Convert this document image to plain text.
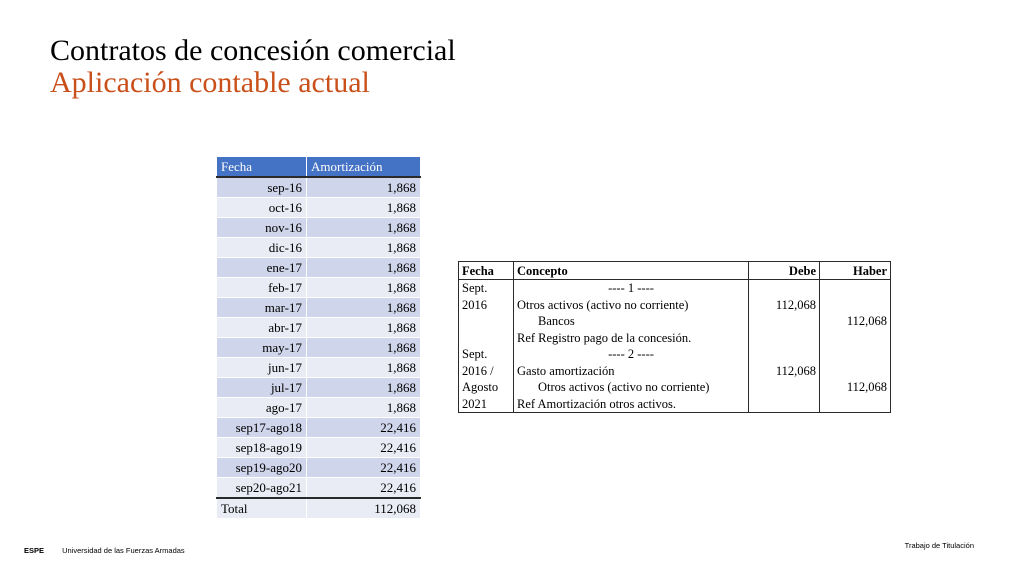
Contratos de concesión comercial
Aplicación contable actual
Fecha	Amortización
sep-16	1,868
oct-16	1,868
nov-16	1,868
dic-16	1,868
ene-17	1,868
feb-17	1,868
mar-17	1,868
abr-17	1,868
may-17	1,868
jun-17	1,868
jul-17	1,868
ago-17	1,868
sep17-ago18	22,416
sep18-ago19	22,416
sep19-ago20	22,416
sep20-ago21	22,416
Total	112,068
Fecha	Concepto	Debe	Haber
Sept.	---- 1 ----		
2016	Otros activos (activo no corriente)	112,068	
	Bancos		112,068
	Ref Registro pago de la concesión.		
Sept.	---- 2 ----		
2016 /	Gasto amortización	112,068	
Agosto	Otros activos (activo no corriente)		112,068
2021	Ref Amortización otros activos.		
ESPE Universidad de las Fuerzas Armadas
Trabajo de Titulación
